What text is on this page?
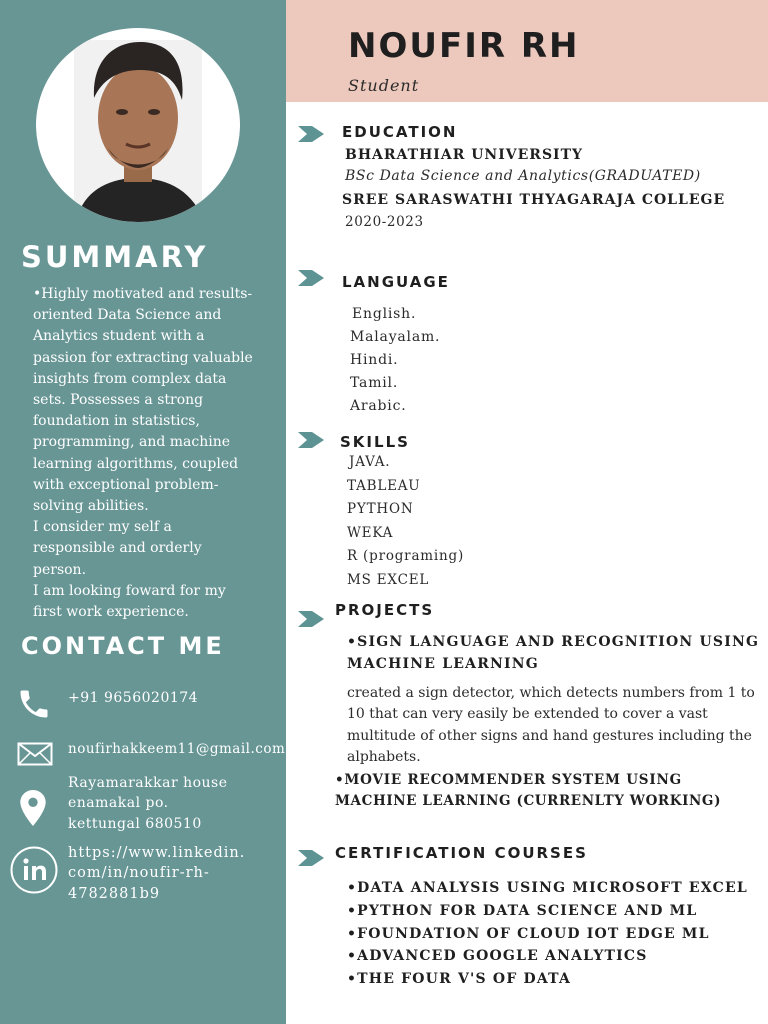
SUMMARY
•Highly motivated and results-
oriented Data Science and
Analytics student with a
passion for extracting valuable
insights from complex data
sets. Possesses a strong
foundation in statistics,
programming, and machine
learning algorithms, coupled
with exceptional problem-
solving abilities.
I consider my self a
responsible and orderly
person.
I am looking foward for my
first work experience.
CONTACT ME
+91 9656020174
noufirhakkeem11@gmail.com
Rayamarakkar house
enamakal po.
kettungal 680510
https://www.linkedin.
com/in/noufir-rh-
4782881b9
NOUFIR RH
Student
EDUCATION
BHARATHIAR UNIVERSITY
BSc Data Science and Analytics(GRADUATED)
SREE SARASWATHI THYAGARAJA COLLEGE
2020-2023
LANGUAGE
English.
Malayalam.
Hindi.
Tamil.
Arabic.
SKILLS
JAVA.
TABLEAU
PYTHON
WEKA
R (programing)
MS EXCEL
PROJECTS
•SIGN LANGUAGE AND RECOGNITION USING
MACHINE LEARNING
created a sign detector, which detects numbers from 1 to
10 that can very easily be extended to cover a vast
multitude of other signs and hand gestures including the
alphabets.
•MOVIE RECOMMENDER SYSTEM USING
MACHINE LEARNING (CURRENLTY WORKING)
CERTIFICATION COURSES
•DATA ANALYSIS USING MICROSOFT EXCEL
•PYTHON FOR DATA SCIENCE AND ML
•FOUNDATION OF CLOUD IOT EDGE ML
•ADVANCED GOOGLE ANALYTICS
•THE FOUR V'S OF DATA
